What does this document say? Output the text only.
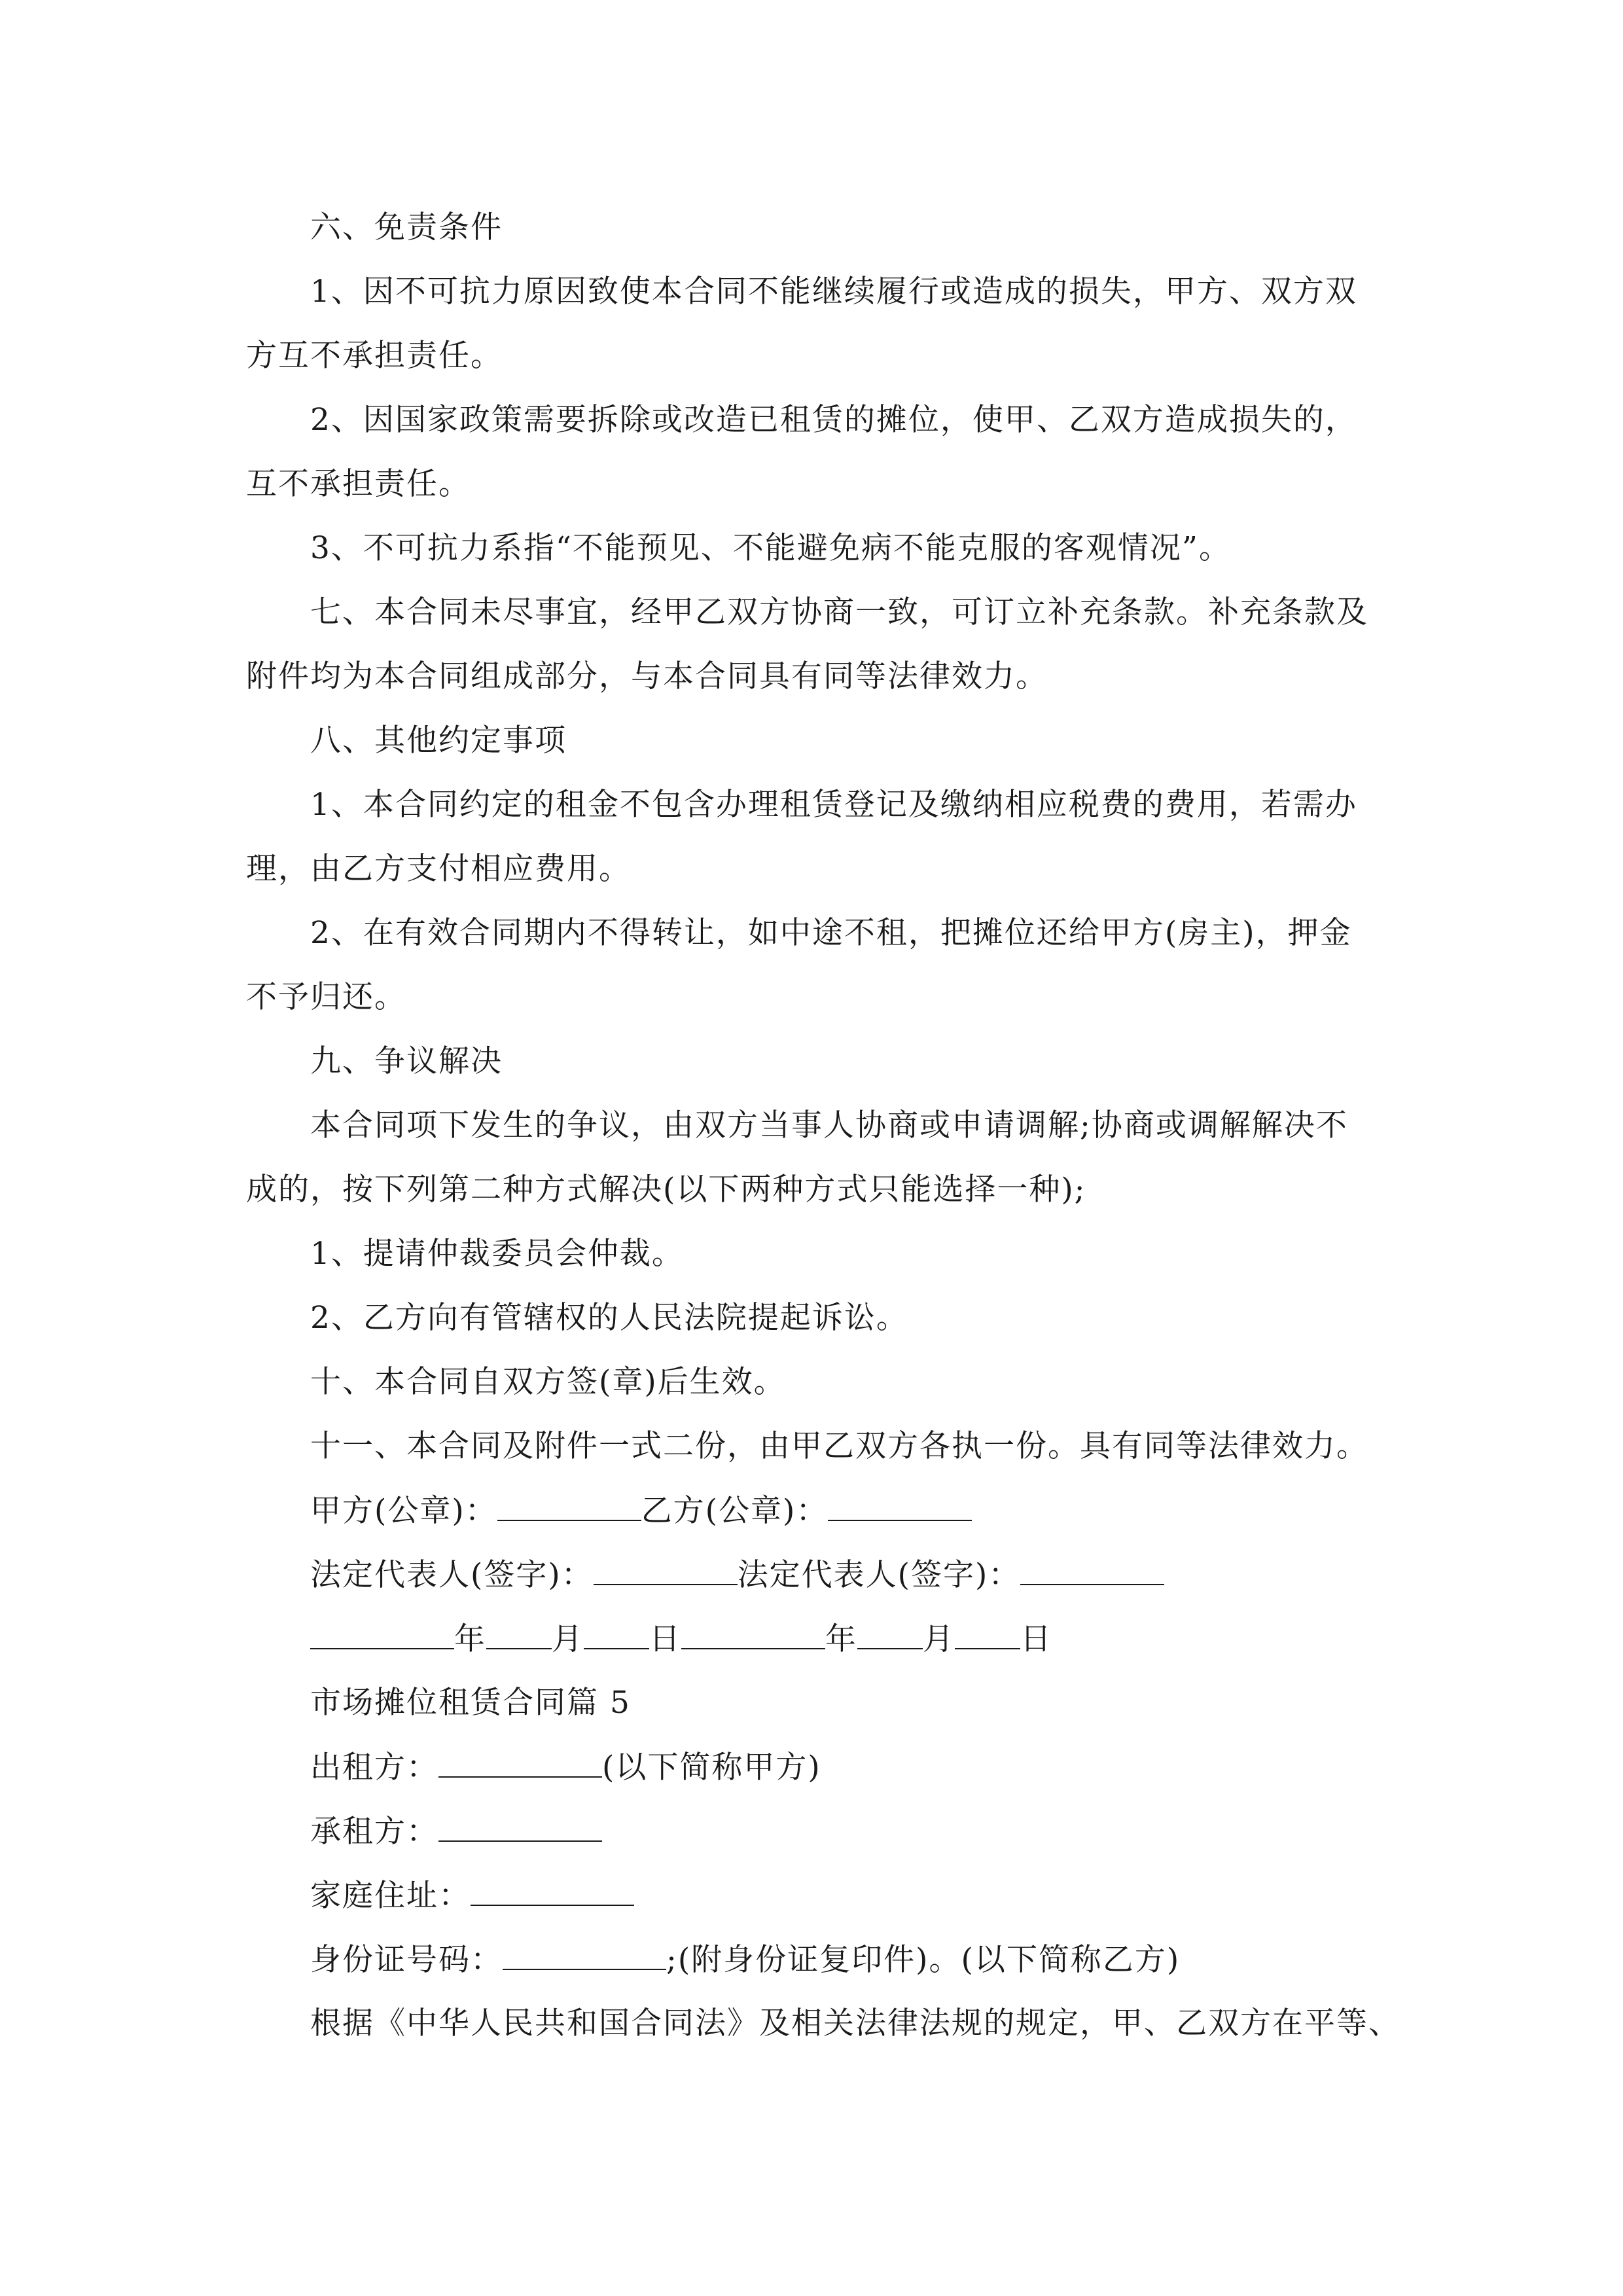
六、免责条件
1、因不可抗力原因致使本合同不能继续履行或造成的损失，甲方、双方双
方互不承担责任。
2、因国家政策需要拆除或改造已租赁的摊位，使甲、乙双方造成损失的，
互不承担责任。
3、不可抗力系指“不能预见、不能避免病不能克服的客观情况”。
七、本合同未尽事宜，经甲乙双方协商一致，可订立补充条款。补充条款及
附件均为本合同组成部分，与本合同具有同等法律效力。
八、其他约定事项
1、本合同约定的租金不包含办理租赁登记及缴纳相应税费的费用，若需办
理，由乙方支付相应费用。
2、在有效合同期内不得转让，如中途不租，把摊位还给甲方(房主)，押金
不予归还。
九、争议解决
本合同项下发生的争议，由双方当事人协商或申请调解;协商或调解解决不
成的，按下列第二种方式解决(以下两种方式只能选择一种);
1、提请仲裁委员会仲裁。
2、乙方向有管辖权的人民法院提起诉讼。
十、本合同自双方签(章)后生效。
十一、本合同及附件一式二份，由甲乙双方各执一份。具有同等法律效力。
甲方(公章)：	乙方(公章)：
法定代表人(签字)：	法定代表人(签字)：
年 月 日	年 月 日
市场摊位租赁合同篇 5
出租方：	(以下简称甲方)
承租方：
家庭住址：
身份证号码：	;(附身份证复印件)。(以下简称乙方)
根据《中华人民共和国合同法》及相关法律法规的规定，甲、乙双方在平等、
